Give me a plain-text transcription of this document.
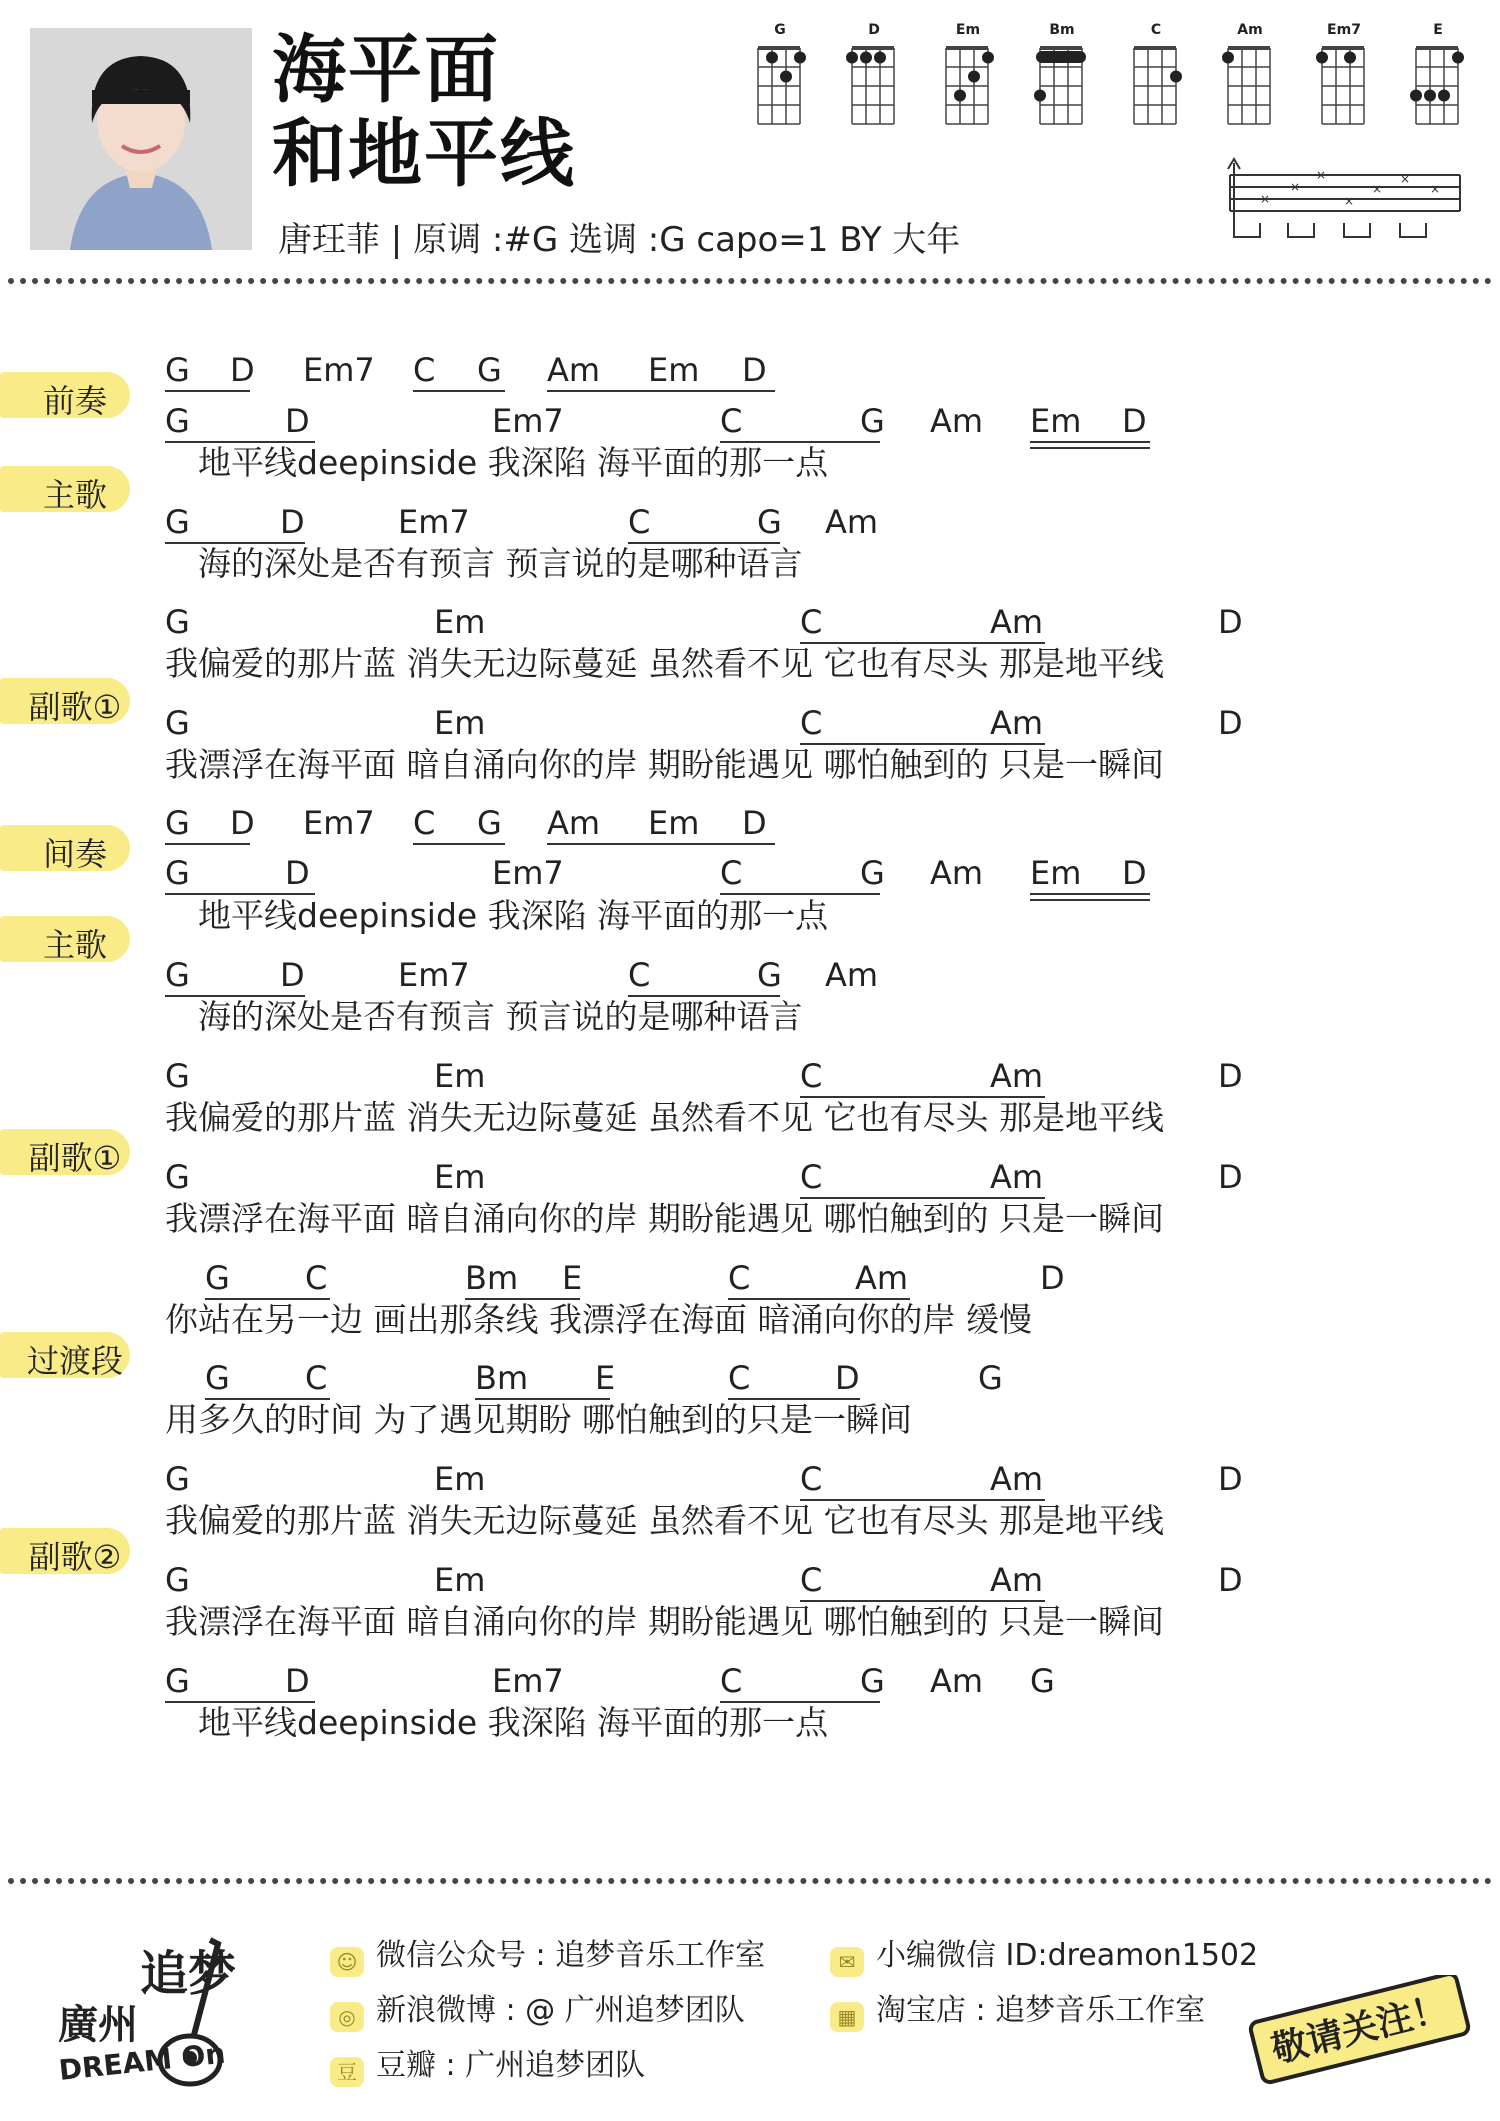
海平面
和地平线
唐玨菲 | 原调 :#G 选调 :G capo=1 BY 大年
G	D	Em	Bm	C	Am	Em7	E
×
×
×
×
×
×
×
前奏
主歌
副歌①
间奏
主歌
副歌①
过渡段
副歌②
G D Em7 C G Am Em D
G	D	Em7	C	G Am Em D
地平线deepinside 我深陷 海平面的那一点
G	D	Em7	C	G Am
海的深处是否有预言 预言说的是哪种语言
G	Em	C	Am	D
我偏爱的那片蓝 消失无边际蔓延 虽然看不见 它也有尽头 那是地平线
G	Em	C	Am	D
我漂浮在海平面 暗自涌向你的岸 期盼能遇见 哪怕触到的 只是一瞬间
G D Em7 C G Am Em D
G	D	Em7	C	G Am Em D
地平线deepinside 我深陷 海平面的那一点
G	D	Em7	C	G Am
海的深处是否有预言 预言说的是哪种语言
G	Em	C	Am	D
我偏爱的那片蓝 消失无边际蔓延 虽然看不见 它也有尽头 那是地平线
G	Em	C	Am	D
我漂浮在海平面 暗自涌向你的岸 期盼能遇见 哪怕触到的 只是一瞬间
G C	Bm E	C	Am	D
你站在另一边 画出那条线 我漂浮在海面 暗涌向你的岸 缓慢
G C	Bm E	C	D	G
用多久的时间 为了遇见期盼 哪怕触到的只是一瞬间
G	Em	C	Am	D
我偏爱的那片蓝 消失无边际蔓延 虽然看不见 它也有尽头 那是地平线
G	Em	C	Am	D
我漂浮在海平面 暗自涌向你的岸 期盼能遇见 哪怕触到的 只是一瞬间
G	D	Em7	C	G Am G
地平线deepinside 我深陷 海平面的那一点
廣州
追梦
DREAM On
☺ 微信公众号 : 追梦音乐工作室	✉ 小编微信 ID:dreamon1502
◎ 新浪微博 : @ 广州追梦团队	▦ 淘宝店 : 追梦音乐工作室
豆 豆瓣 : 广州追梦团队	敬请关注！
